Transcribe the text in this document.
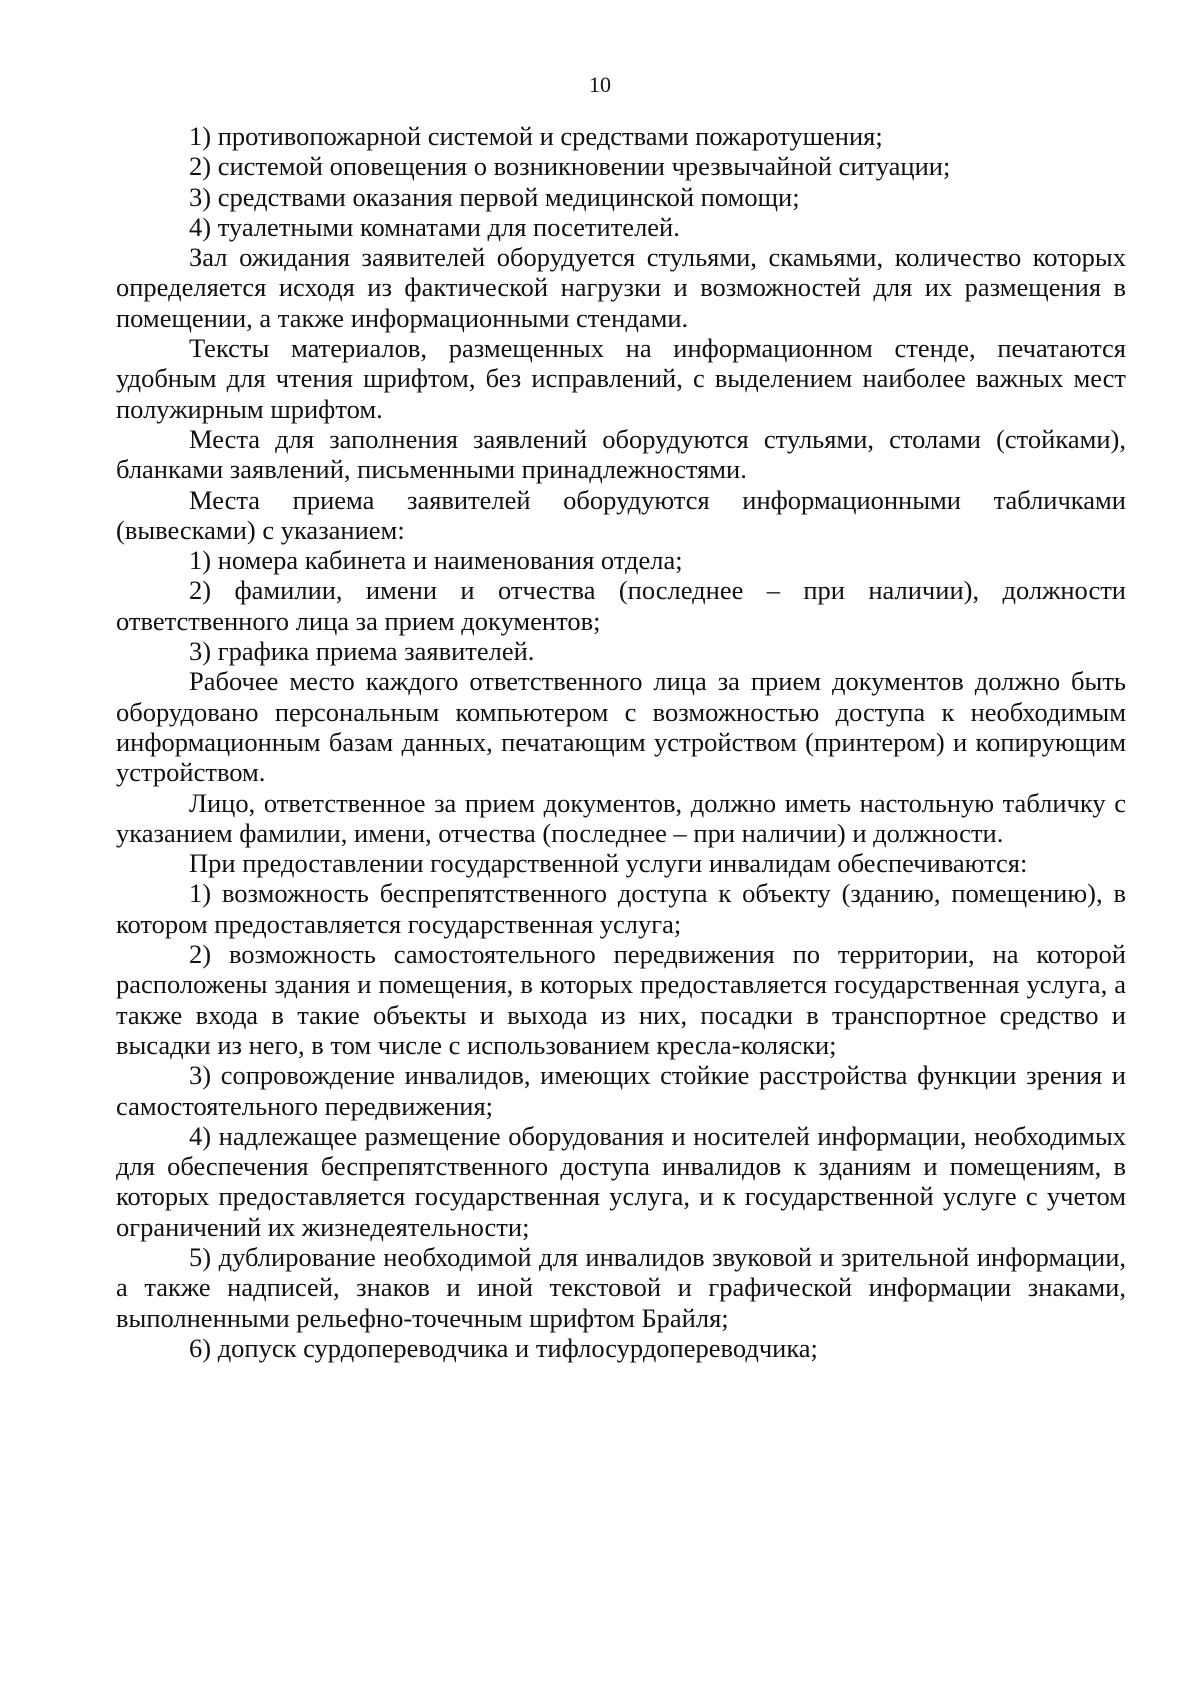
10

1) противопожарной системой и средствами пожаротушения;

2) системой оповещения о возникновении чрезвычайной ситуации;

3) средствами оказания первой медицинской помощи;

4) туалетными комнатами для посетителей.

Зал ожидания заявителей оборудуется стульями, скамьями, количество которых определяется исходя из фактической нагрузки и возможностей для их размещения в помещении, а также информационными стендами.

Тексты материалов, размещенных на информационном стенде, печатаются удобным для чтения шрифтом, без исправлений, с выделением наиболее важных мест полужирным шрифтом.

Места для заполнения заявлений оборудуются стульями, столами (стойками), бланками заявлений, письменными принадлежностями.

Места приема заявителей оборудуются информационными табличками (вывесками) с указанием:

1) номера кабинета и наименования отдела;

2) фамилии, имени и отчества (последнее – при наличии), должности ответственного лица за прием документов;

3) графика приема заявителей.

Рабочее место каждого ответственного лица за прием документов должно быть оборудовано персональным компьютером с возможностью доступа к необходимым информационным базам данных, печатающим устройством (принтером) и копирующим устройством.

Лицо, ответственное за прием документов, должно иметь настольную табличку с указанием фамилии, имени, отчества (последнее – при наличии) и должности.

При предоставлении государственной услуги инвалидам обеспечиваются:

1) возможность беспрепятственного доступа к объекту (зданию, помещению), в котором предоставляется государственная услуга;

2) возможность самостоятельного передвижения по территории, на которой расположены здания и помещения, в которых предоставляется государственная услуга, а также входа в такие объекты и выхода из них, посадки в транспортное средство и высадки из него, в том числе с использованием кресла-коляски;

3) сопровождение инвалидов, имеющих стойкие расстройства функции зрения и самостоятельного передвижения;

4) надлежащее размещение оборудования и носителей информации, необходимых для обеспечения беспрепятственного доступа инвалидов к зданиям и помещениям, в которых предоставляется государственная услуга, и к государственной услуге с учетом ограничений их жизнедеятельности;

5) дублирование необходимой для инвалидов звуковой и зрительной информации, а также надписей, знаков и иной текстовой и графической информации знаками, выполненными рельефно-точечным шрифтом Брайля;

6) допуск сурдопереводчика и тифлосурдопереводчика;
